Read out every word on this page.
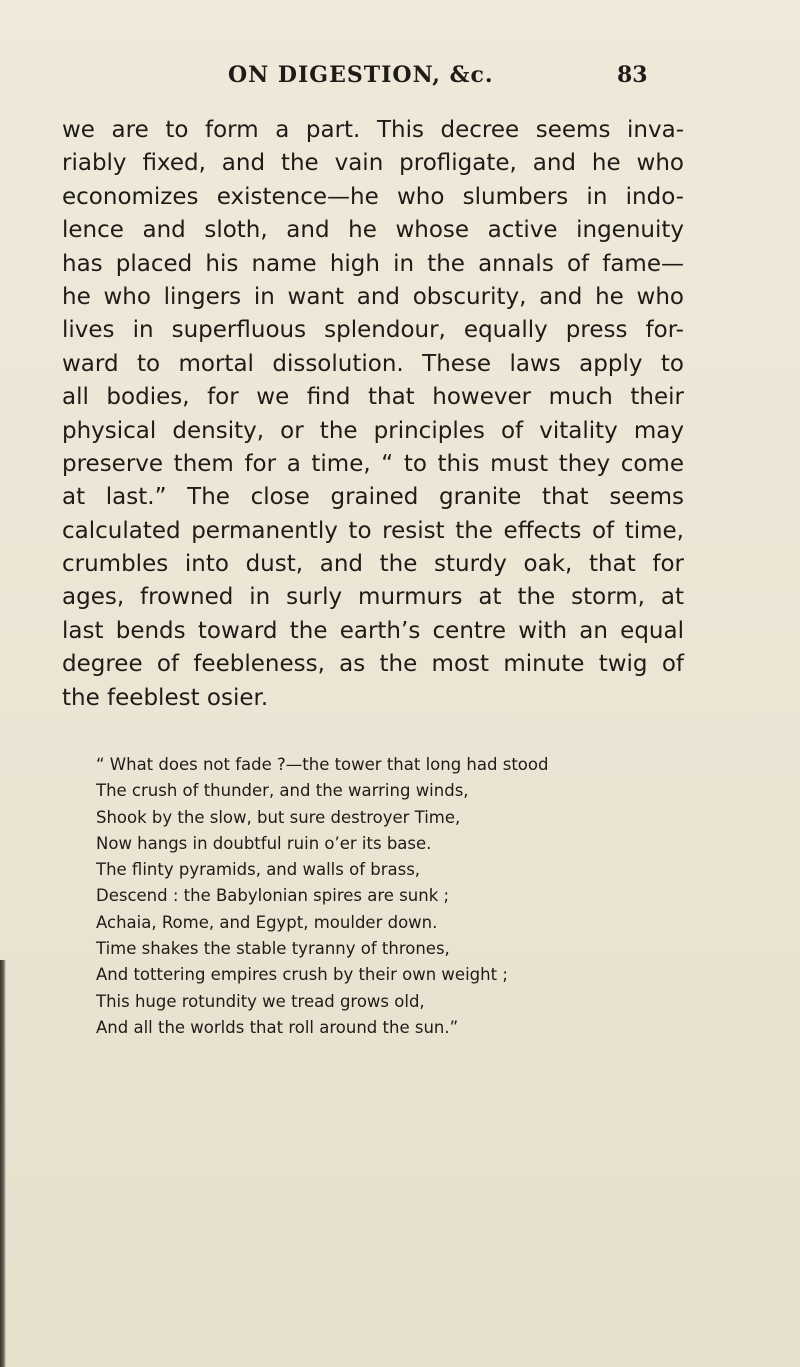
ON DIGESTION, &c.	83
we are to form a part. This decree seems inva-
riably fixed, and the vain profligate, and he who
economizes existence—he who slumbers in indo-
lence and sloth, and he whose active ingenuity
has placed his name high in the annals of fame—
he who lingers in want and obscurity, and he who
lives in superfluous splendour, equally press for-
ward to mortal dissolution. These laws apply to
all bodies, for we find that however much their
physical density, or the principles of vitality may
preserve them for a time, “ to this must they come
at last.” The close grained granite that seems
calculated permanently to resist the effects of time,
crumbles into dust, and the sturdy oak, that for
ages, frowned in surly murmurs at the storm, at
last bends toward the earth’s centre with an equal
degree of feebleness, as the most minute twig of
the feeblest osier.
“ What does not fade ?—the tower that long had stood
The crush of thunder, and the warring winds,
Shook by the slow, but sure destroyer Time,
Now hangs in doubtful ruin o’er its base.
The flinty pyramids, and walls of brass,
Descend : the Babylonian spires are sunk ;
Achaia, Rome, and Egypt, moulder down.
Time shakes the stable tyranny of thrones,
And tottering empires crush by their own weight ;
This huge rotundity we tread grows old,
And all the worlds that roll around the sun.”
